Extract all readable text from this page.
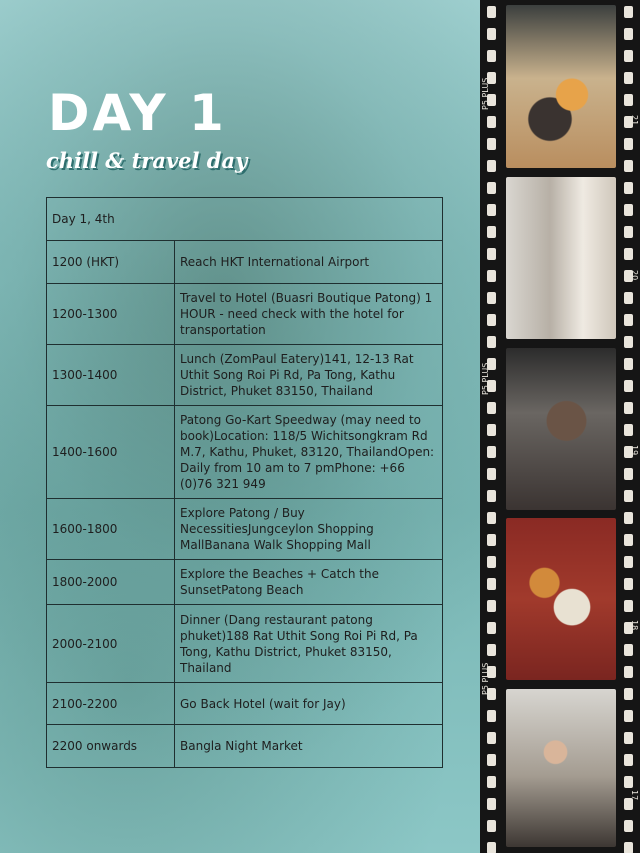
DAY 1
chill & travel day
Day 1, 4th	
1200 (HKT)	Reach HKT International Airport
1200-1300	Travel to Hotel (Buasri Boutique Patong) 1 HOUR - need check with the hotel for transportation
1300-1400	Lunch (ZomPaul Eatery)141, 12-13 Rat Uthit Song Roi Pi Rd, Pa Tong, Kathu District, Phuket 83150, Thailand
1400-1600	Patong Go-Kart Speedway (may need to book)Location: 118/5 Wichitsongkram Rd M.7, Kathu, Phuket, 83120, ThailandOpen: Daily from 10 am to 7 pmPhone: +66 (0)76 321 949
1600-1800	Explore Patong / Buy NecessitiesJungceylon Shopping MallBanana Walk Shopping Mall
1800-2000	Explore the Beaches + Catch the SunsetPatong Beach
2000-2100	Dinner (Dang restaurant patong phuket)188 Rat Uthit Song Roi Pi Rd, Pa Tong, Kathu District, Phuket 83150, Thailand
2100-2200	Go Back Hotel (wait for Jay)
2200 onwards	Bangla Night Market
P5 PLUS
P5 PLUS
P5 PLUS
21
20
19
18
17
